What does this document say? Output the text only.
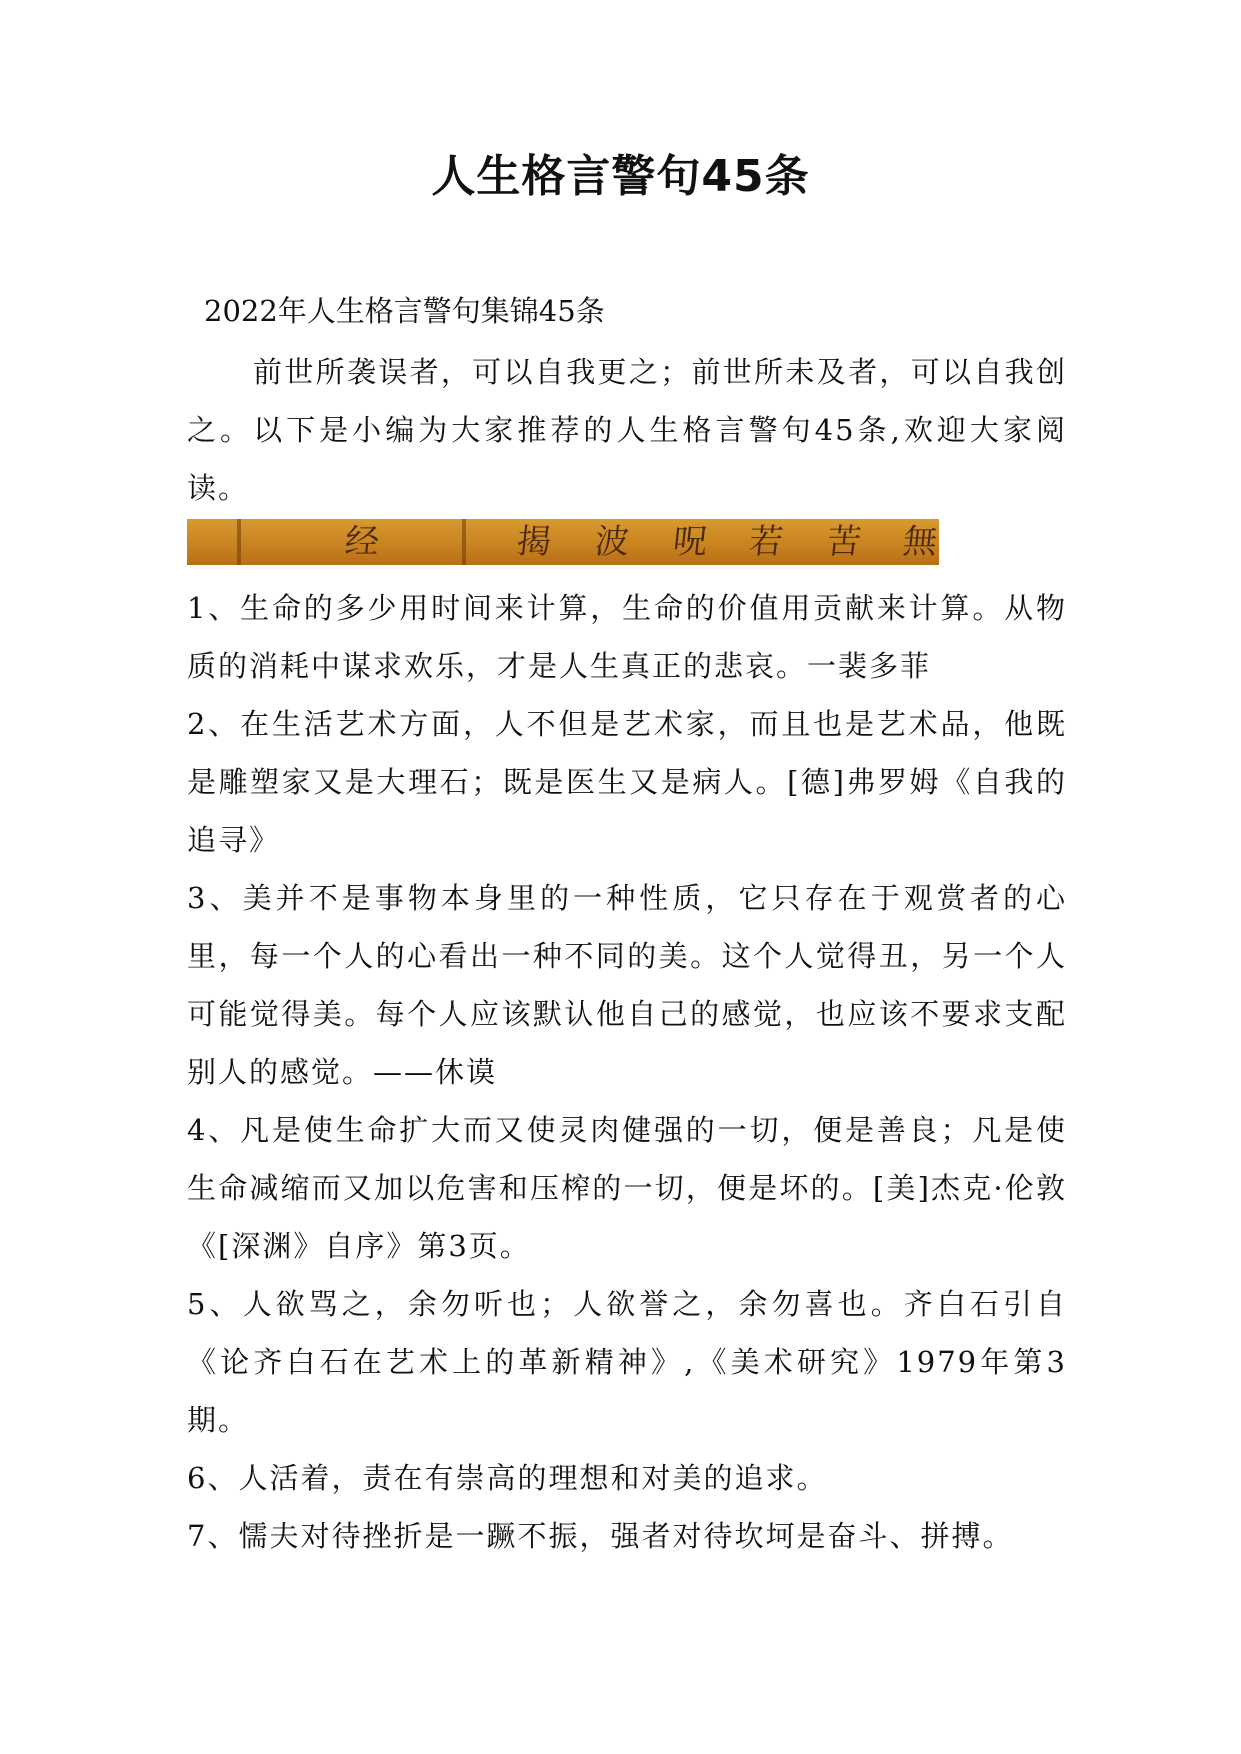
人生格言警句45条
2022年人生格言警句集锦45条
前世所袭误者，可以自我更之；前世所未及者，可以自我创之。以下是小编为大家推荐的人生格言警句45条,欢迎大家阅读。
经	揭 波 呪 若 苦 無

1、生命的多少用时间来计算，生命的价值用贡献来计算。从物质的消耗中谋求欢乐，才是人生真正的悲哀。一裴多菲

2、在生活艺术方面，人不但是艺术家，而且也是艺术品，他既是雕塑家又是大理石；既是医生又是病人。[德]弗罗姆《自我的追寻》

3、美并不是事物本身里的一种性质，它只存在于观赏者的心里，每一个人的心看出一种不同的美。这个人觉得丑，另一个人可能觉得美。每个人应该默认他自己的感觉，也应该不要求支配别人的感觉。——休谟

4、凡是使生命扩大而又使灵肉健强的一切，便是善良；凡是使生命减缩而又加以危害和压榨的一切，便是坏的。[美]杰克·伦敦《[深渊》自序》第3页。

5、人欲骂之，余勿听也；人欲誉之，余勿喜也。齐白石引自《论齐白石在艺术上的革新精神》,《美术研究》1979年第3期。

6、人活着，责在有崇高的理想和对美的追求。

7、懦夫对待挫折是一蹶不振，强者对待坎坷是奋斗、拼搏。
